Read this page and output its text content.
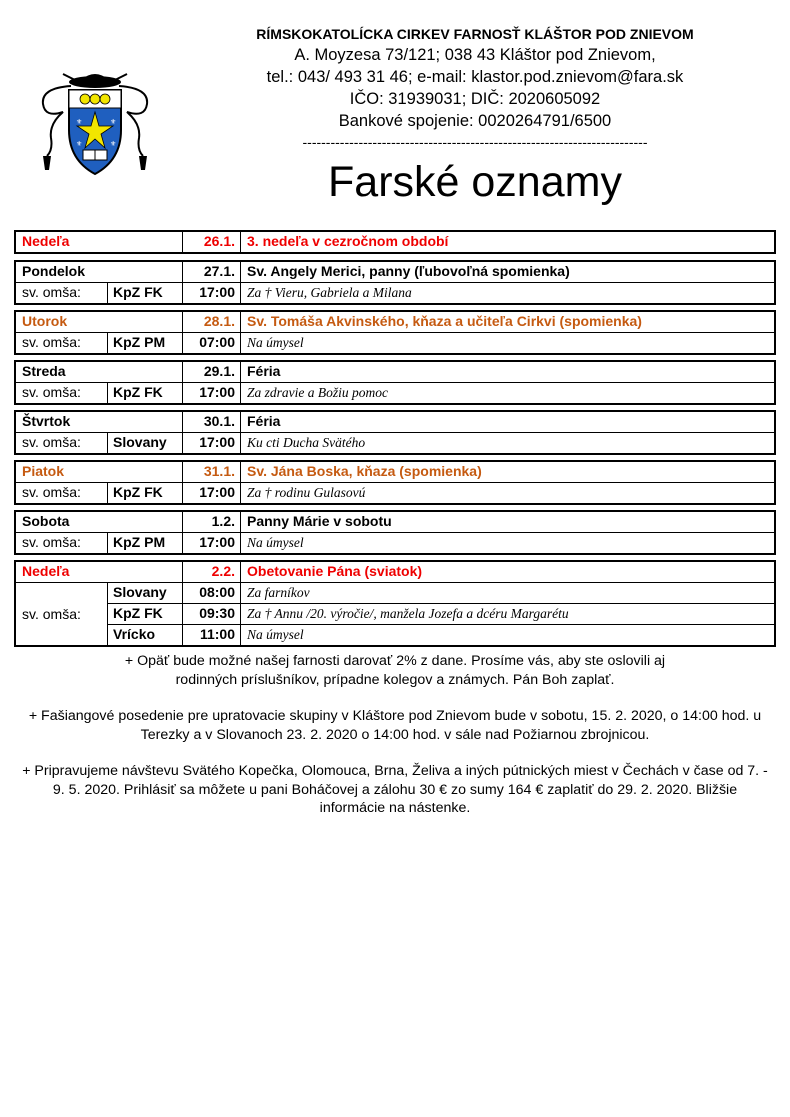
⚜	⚜
⚜	⚜
RÍMSKOKATOLÍCKA CIRKEV FARNOSŤ KLÁŠTOR POD ZNIEVOM
A. Moyzesa 73/121; 038 43 Kláštor pod Znievom,
tel.: 043/ 493 31 46; e-mail: klastor.pod.znievom@fara.sk
IČO: 31939031; DIČ: 2020605092
Bankové spojenie: 0020264791/6500
--------------------------------------------------------------------------
Farské oznamy
Nedeľa	26.1. 3. nedeľa v cezročnom období
Pondelok	27.1. Sv. Angely Merici, panny (ľubovoľná spomienka)
sv. omša:	KpZ FK	17:00 Za † Vieru, Gabriela a Milana
Utorok	28.1. Sv. Tomáša Akvinského, kňaza a učiteľa Cirkvi (spomienka)
sv. omša:	KpZ PM	07:00 Na úmysel
Streda	29.1. Féria
sv. omša:	KpZ FK	17:00 Za zdravie a Božiu pomoc
Štvrtok	30.1. Féria
sv. omša:	Slovany	17:00 Ku cti Ducha Svätého
Piatok	31.1. Sv. Jána Boska, kňaza (spomienka)
sv. omša:	KpZ FK	17:00 Za † rodinu Gulasovú
Sobota	1.2. Panny Márie v sobotu
sv. omša:	KpZ PM	17:00 Na úmysel
Nedeľa	2.2. Obetovanie Pána (sviatok)
sv. omša:
Slovany	08:00 Za farníkov
KpZ FK	09:30 Za † Annu /20. výročie/, manžela Jozefa a dcéru Margarétu
Vrícko	11:00 Na úmysel

+ Opäť bude možné našej farnosti darovať 2% z dane. Prosíme vás, aby ste oslovili aj rodinných príslušníkov, prípadne kolegov a známych. Pán Boh zaplať.

+ Fašiangové posedenie pre upratovacie skupiny v Kláštore pod Znievom bude v sobotu, 15. 2. 2020, o 14:00 hod. u Terezky a v Slovanoch 23. 2. 2020 o 14:00 hod. v sále nad Požiarnou zbrojnicou.

+ Pripravujeme návštevu Svätého Kopečka, Olomouca, Brna, Želiva a iných pútnických miest v Čechách v čase od 7. - 9. 5. 2020. Prihlásiť sa môžete u pani Boháčovej a zálohu 30 € zo sumy 164 € zaplatiť do 29. 2. 2020. Bližšie informácie na nástenke.
